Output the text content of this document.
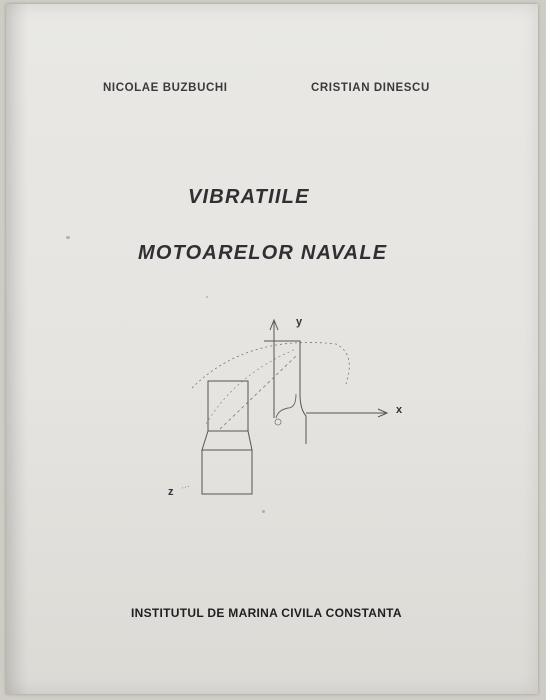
NICOLAE BUZBUCHI	CRISTIAN DINESCU
VIBRATIILE
MOTOARELOR NAVALE
y
x
z
INSTITUTUL DE MARINA CIVILA CONSTANTA
